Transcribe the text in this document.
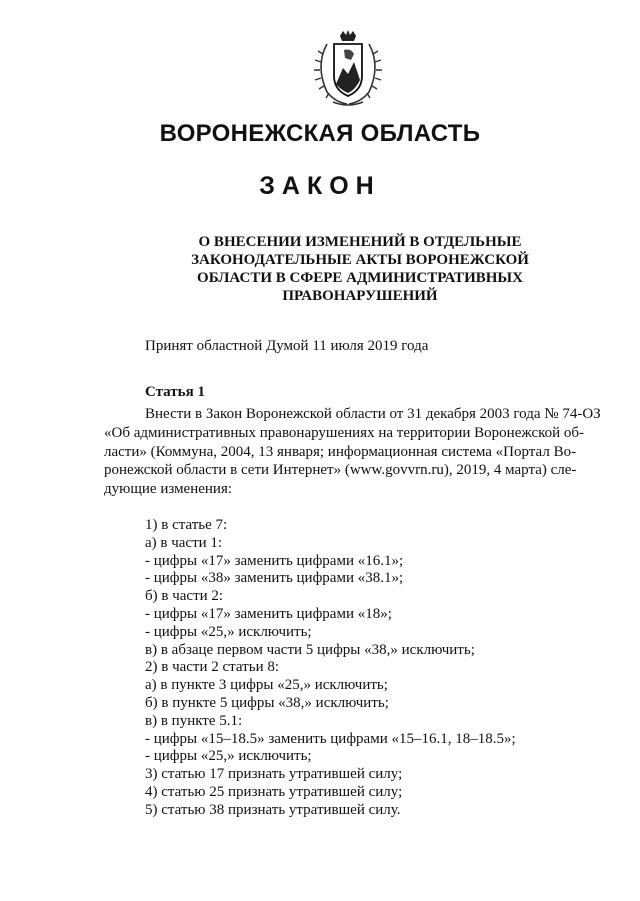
ВОРОНЕЖСКАЯ ОБЛАСТЬ
ЗАКОН
О ВНЕСЕНИИ ИЗМЕНЕНИЙ В ОТДЕЛЬНЫЕ
ЗАКОНОДАТЕЛЬНЫЕ АКТЫ ВОРОНЕЖСКОЙ
ОБЛАСТИ В СФЕРЕ АДМИНИСТРАТИВНЫХ
ПРАВОНАРУШЕНИЙ
Принят областной Думой 11 июля 2019 года
Статья 1
Внести в Закон Воронежской области от 31 декабря 2003 года № 74-ОЗ
«Об административных правонарушениях на территории Воронежской об-
ласти» (Коммуна, 2004, 13 января; информационная система «Портал Во-
ронежской области в сети Интернет» (www.govvrn.ru), 2019, 4 марта) сле-
дующие изменения:
1) в статье 7:
а) в части 1:
- цифры «17» заменить цифрами «16.1»;
- цифры «38» заменить цифрами «38.1»;
б) в части 2:
- цифры «17» заменить цифрами «18»;
- цифры «25,» исключить;
в) в абзаце первом части 5 цифры «38,» исключить;
2) в части 2 статьи 8:
а) в пункте 3 цифры «25,» исключить;
б) в пункте 5 цифры «38,» исключить;
в) в пункте 5.1:
- цифры «15–18.5» заменить цифрами «15–16.1, 18–18.5»;
- цифры «25,» исключить;
3) статью 17 признать утратившей силу;
4) статью 25 признать утратившей силу;
5) статью 38 признать утратившей силу.
